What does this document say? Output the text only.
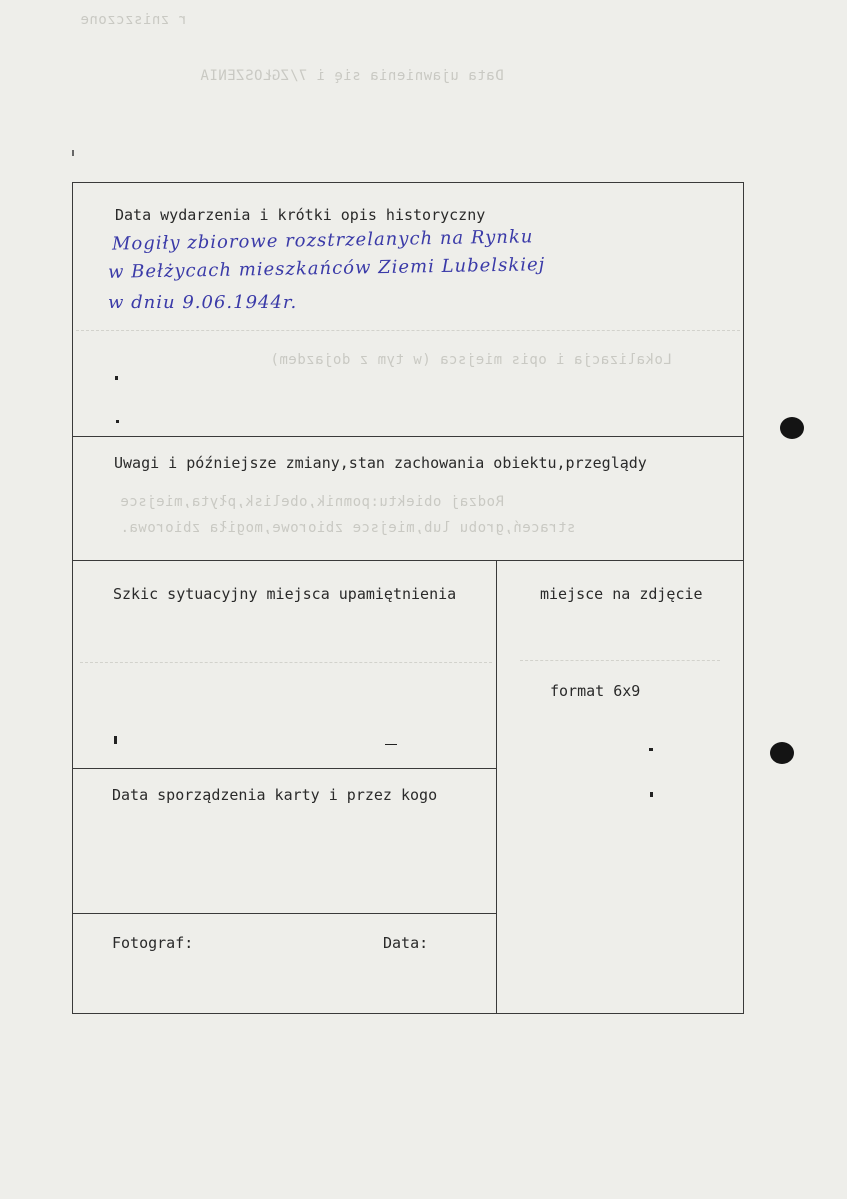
r zniszczone
Data ujawnienia się i 7/ZGŁOSZENIA
Lokalizacja i opis miejsca (w tym z dojazdem)
Rodzaj obiektu:pomnik,obelisk,płyta,miejsce
straceń,grobu lub,miejsce zbiorowe,mogiła zbiorowa.
Data wydarzenia i krótki opis historyczny
Mogiły zbiorowe rozstrzelanych na Rynku
w Bełżycach mieszkańców Ziemi Lubelskiej
w dniu 9.06.1944r.
Uwagi i późniejsze zmiany,stan zachowania obiektu,przeglądy
Szkic sytuacyjny miejsca upamiętnienia	miejsce na zdjęcie
format 6x9
Data sporządzenia karty i przez kogo
Fotograf:	Data:
